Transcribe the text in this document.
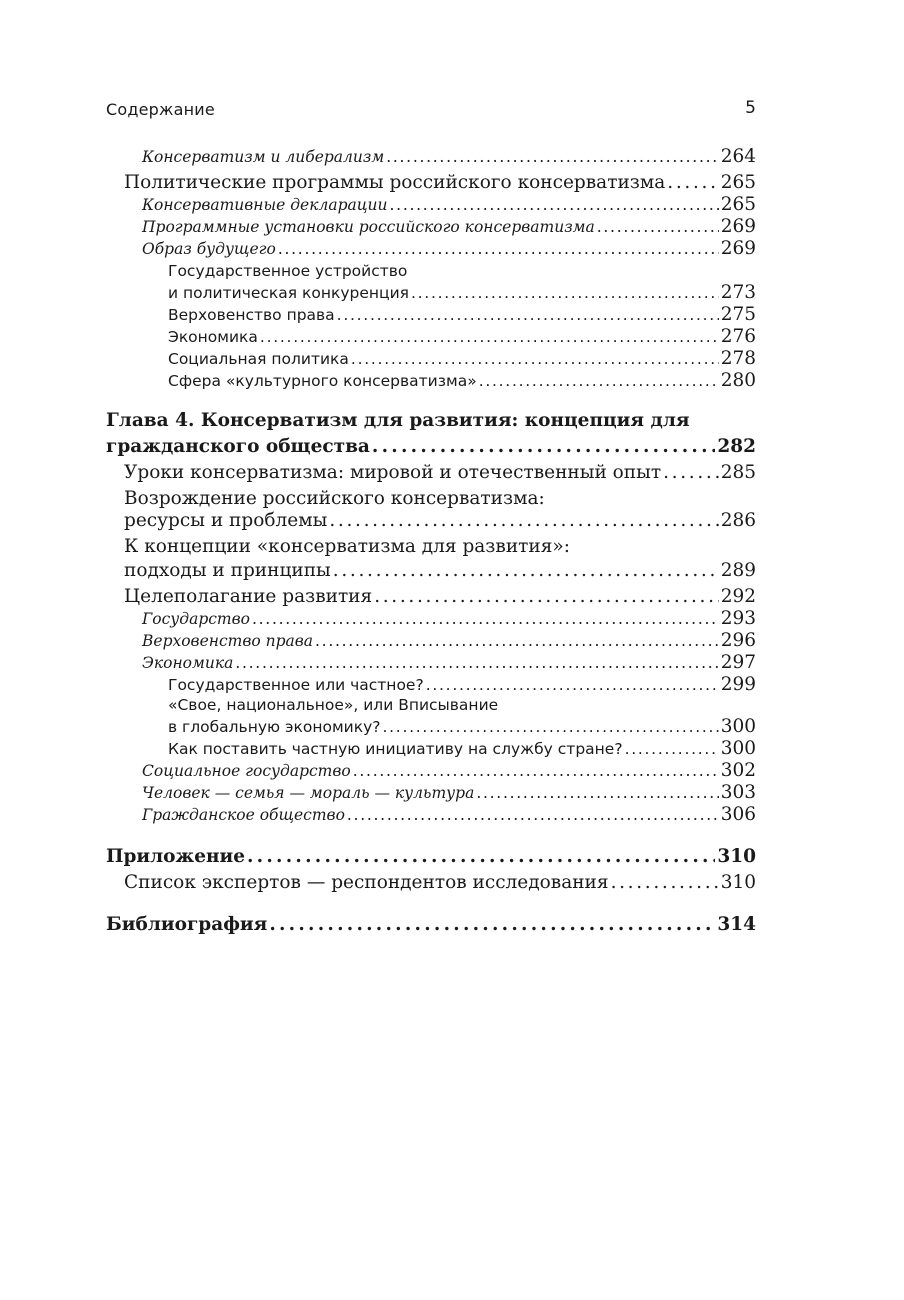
Содержание	5
Консерватизм и либерализм . . .	264
Политические программы российского консерватизма . . .	265
Консервативные декларации . . .	265
Программные установки российского консерватизма . . .	269
Образ будущего . . .	269
Государственное устройство
и политическая конкуренция . . .	273
Верховенство права . . .	275
Экономика . . .	276
Социальная политика . . .	278
Сфера «культурного консерватизма» . . .	280
Глава 4. Консерватизм для развития: концепция для
гражданского общества . . .	282
Уроки консерватизма: мировой и отечественный опыт . . .	285
Возрождение российского консерватизма:
ресурсы и проблемы . . .	286
К концепции «консерватизма для развития»:
подходы и принципы . . .	289
Целеполагание развития . . .	292
Государство . . .	293
Верховенство права . . .	296
Экономика . . .	297
Государственное или частное? . . .	299
«Свое, национальное», или Вписывание
в глобальную экономику? . . .	300
Как поставить частную инициативу на службу стране? . . .	300
Социальное государство . . .	302
Человек — семья — мораль — культура . . .	303
Гражданское общество . . .	306
Приложение . . .	310
Список экспертов — респондентов исследования . . .	310
Библиография . . .	314
